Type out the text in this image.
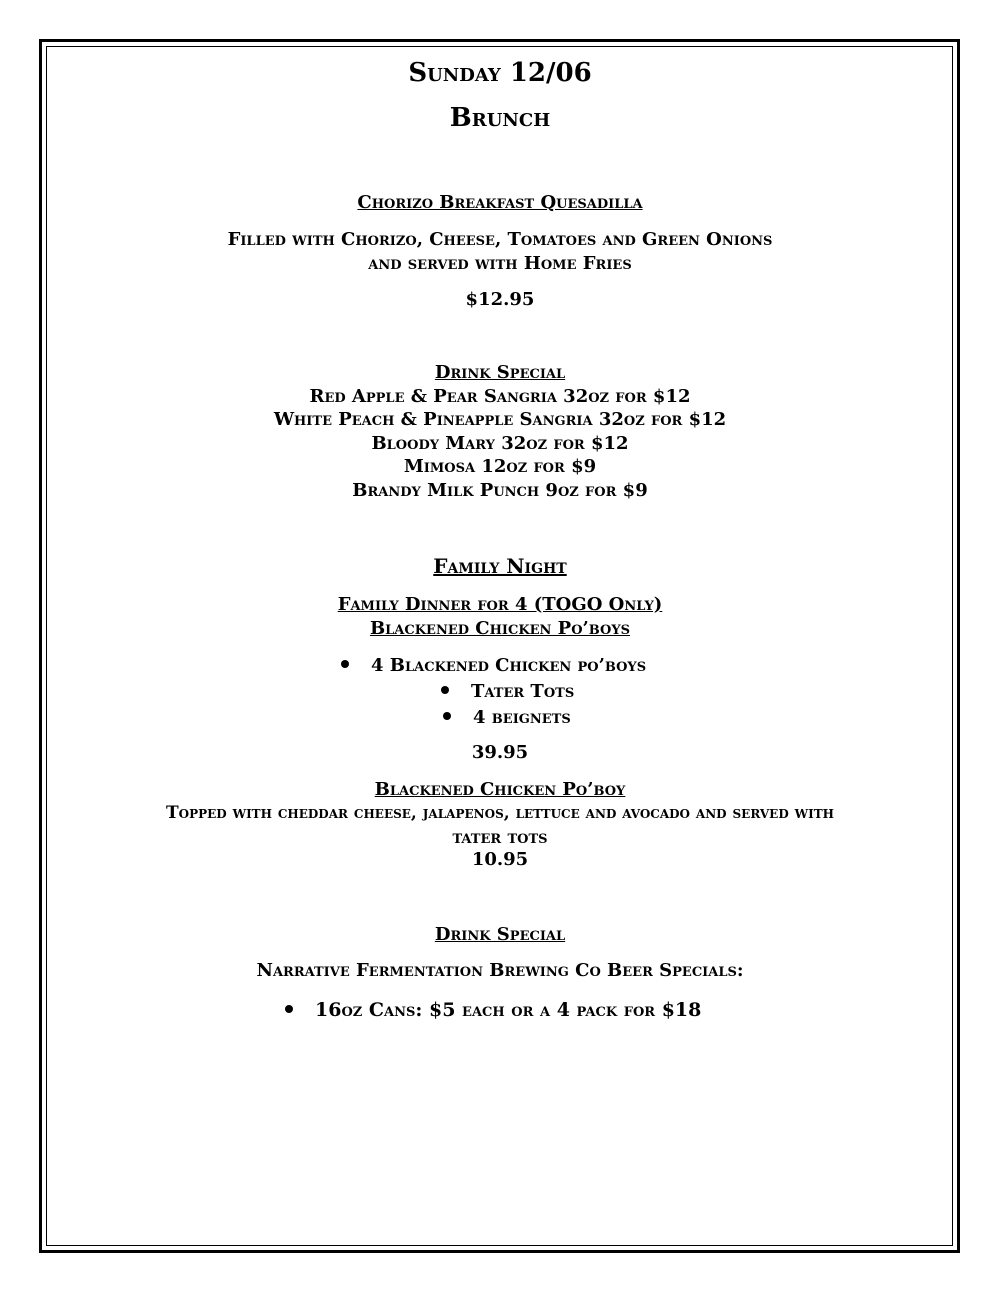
Sunday 12/06
Brunch
Chorizo Breakfast Quesadilla
Filled with Chorizo, Cheese, Tomatoes and Green Onions
and served with Home Fries
$12.95
Drink Special
Red Apple & Pear Sangria 32oz for $12
White Peach & Pineapple Sangria 32oz for $12
Bloody Mary 32oz for $12
Mimosa 12oz for $9
Brandy Milk Punch 9oz for $9
Family Night
Family Dinner for 4 (TOGO Only)
Blackened Chicken Po’boys
4 Blackened Chicken po’boys
Tater Tots
4 beignets
39.95
Blackened Chicken Po’boy
Topped with cheddar cheese, jalapenos, lettuce and avocado and served with
tater tots
10.95
Drink Special
Narrative Fermentation Brewing Co Beer Specials:
16oz Cans: $5 each or a 4 pack for $18
